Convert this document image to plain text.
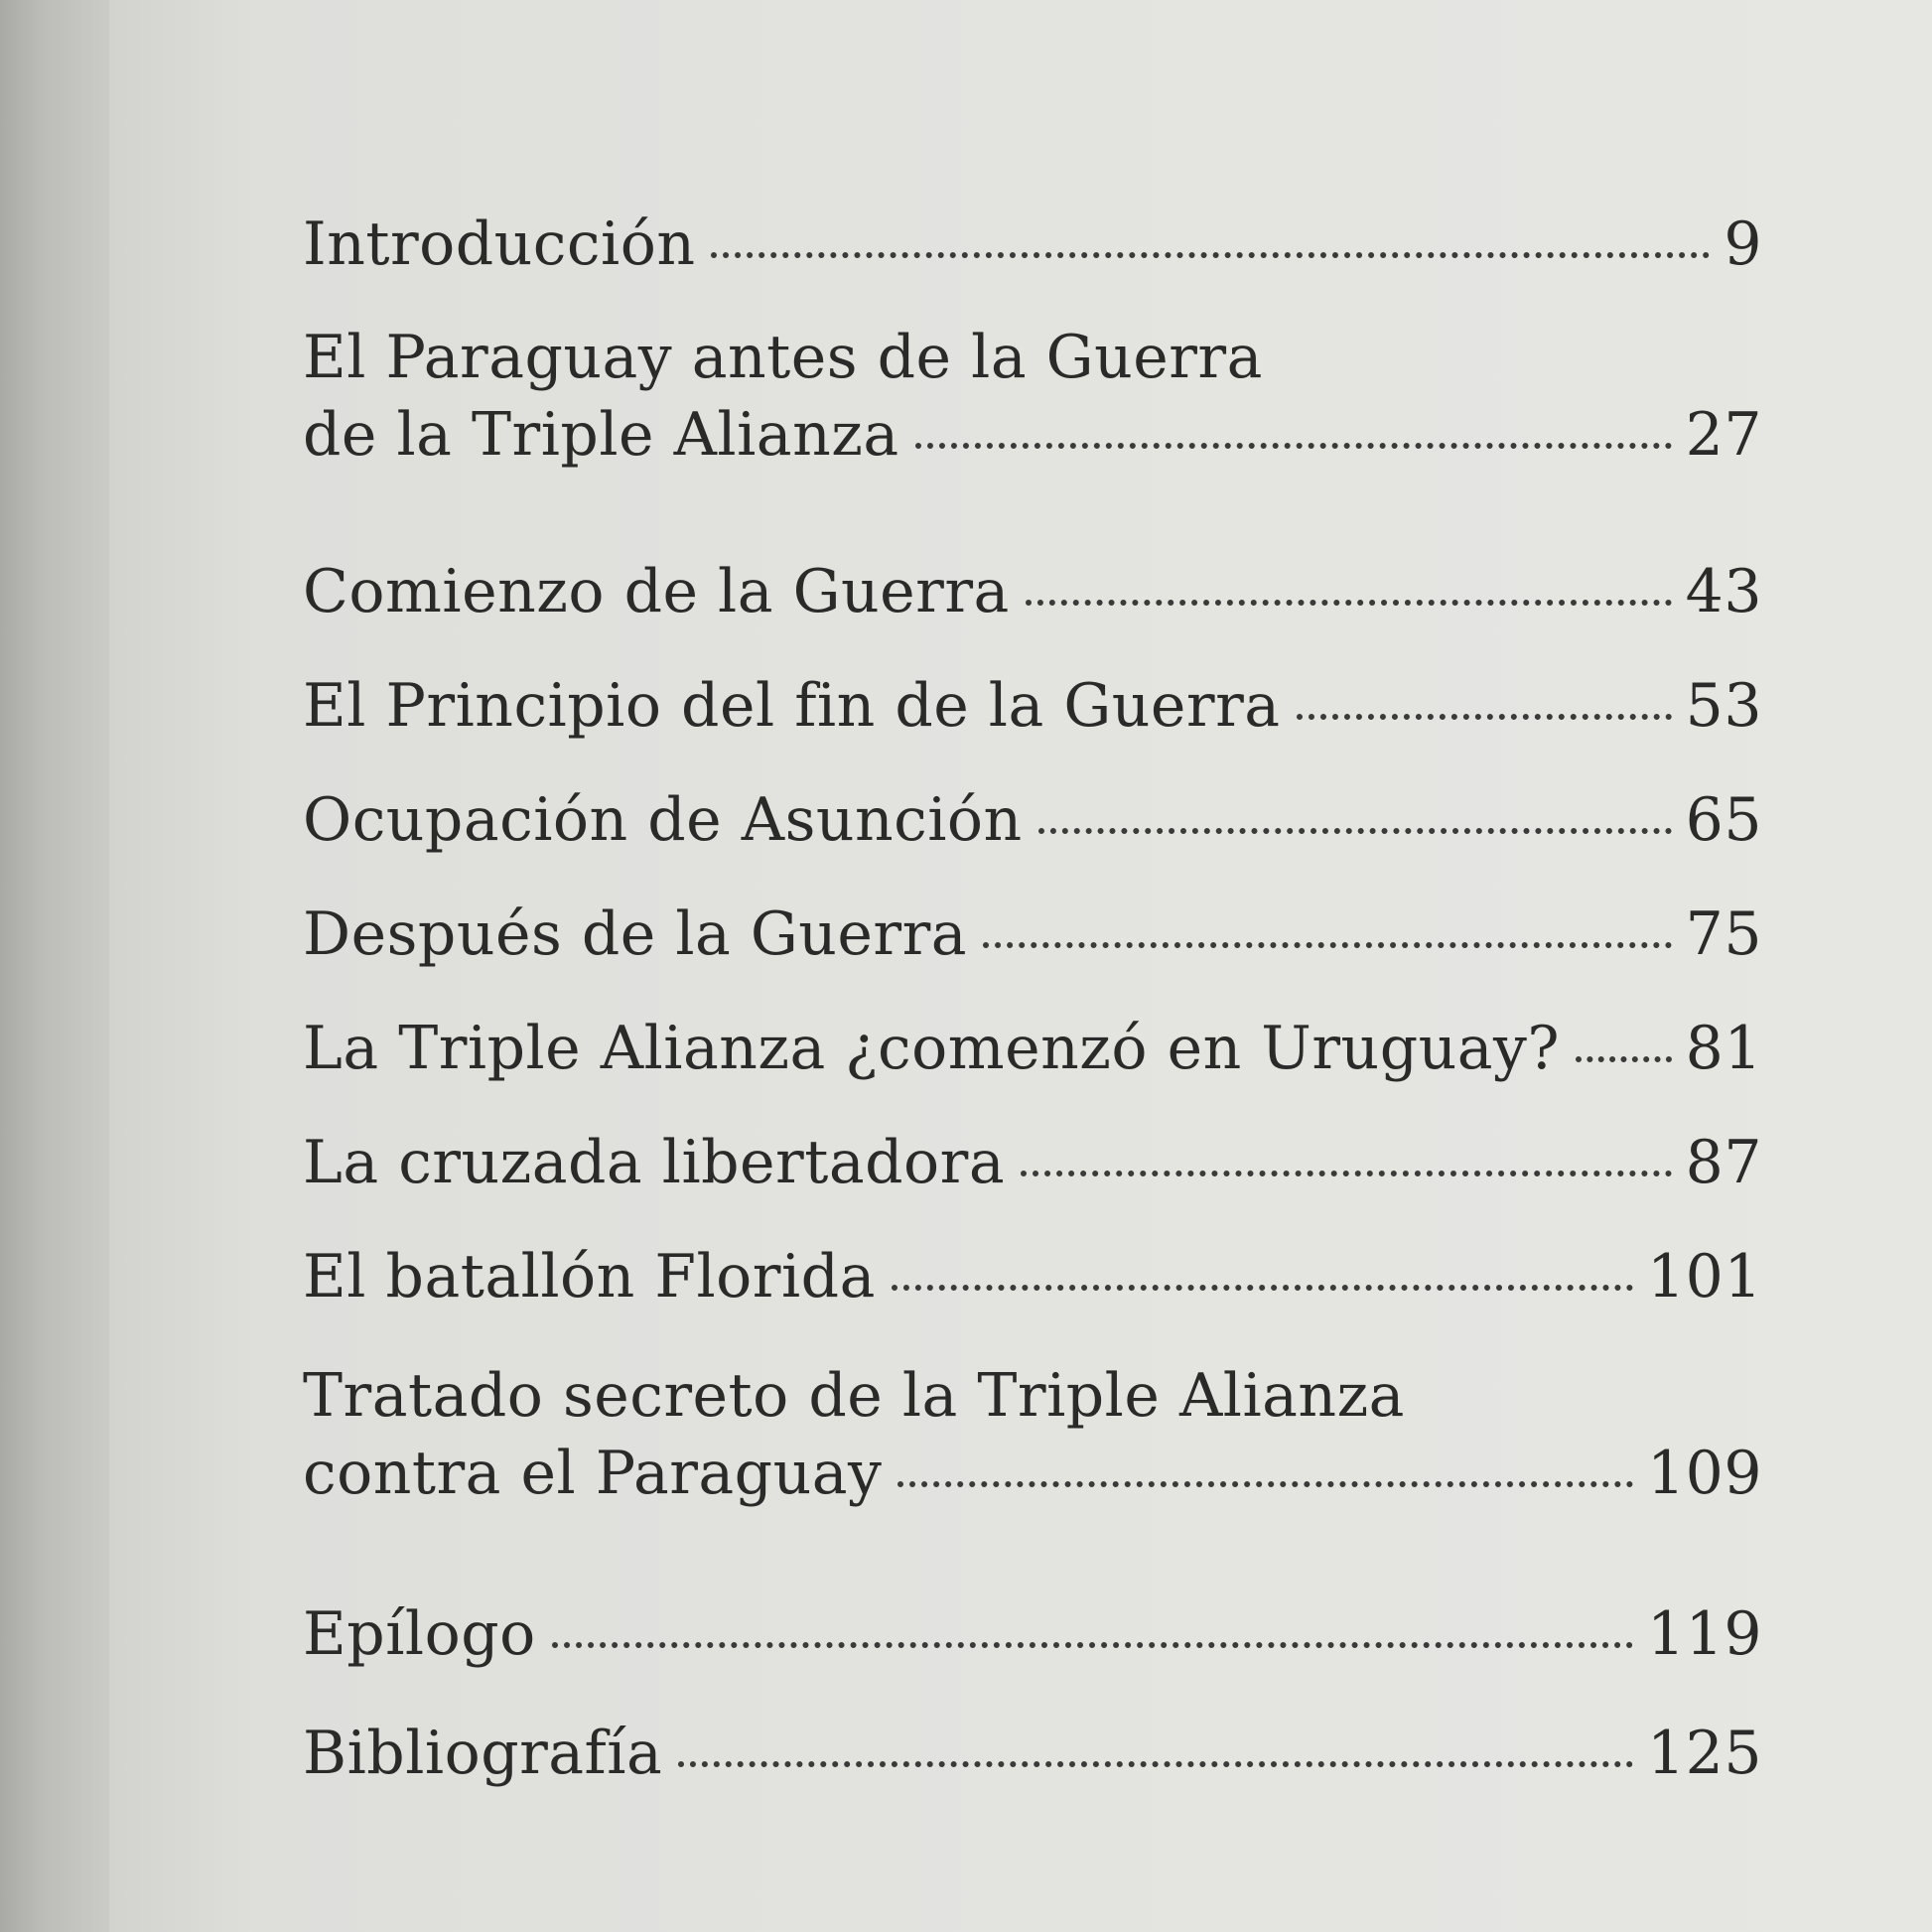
Introducción	9
El Paraguay antes de la Guerra
de la Triple Alianza	27
Comienzo de la Guerra	43
El Principio del fin de la Guerra	53
Ocupación de Asunción	65
Después de la Guerra	75
La Triple Alianza ¿comenzó en Uruguay? 81
La cruzada libertadora	87
El batallón Florida	101
Tratado secreto de la Triple Alianza
contra el Paraguay	109
Epílogo	119
Bibliografía	125
